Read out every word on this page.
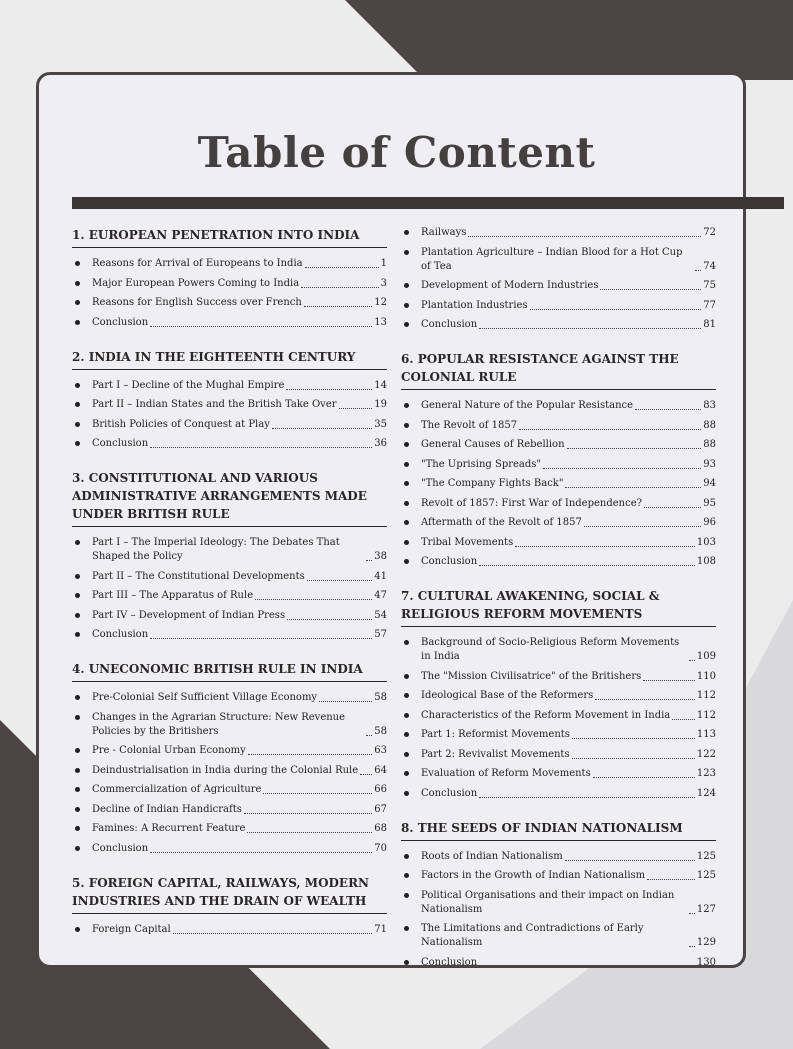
Table of Content
1. EUROPEAN PENETRATION INTO INDIA
Reasons for Arrival of Europeans to India	1
Major European Powers Coming to India	3
Reasons for English Success over French	12
Conclusion	13
2. INDIA IN THE EIGHTEENTH CENTURY
Part I – Decline of the Mughal Empire	14
Part II – Indian States and the British Take Over	19
British Policies of Conquest at Play	35
Conclusion	36
3. CONSTITUTIONAL AND VARIOUS ADMINISTRATIVE ARRANGEMENTS MADE UNDER BRITISH RULE
Part I – The Imperial Ideology: The Debates That Shaped the Policy	38
Part II – The Constitutional Developments	41
Part III – The Apparatus of Rule	47
Part IV – Development of Indian Press	54
Conclusion	57
4. UNECONOMIC BRITISH RULE IN INDIA
Pre-Colonial Self Sufficient Village Economy	58
Changes in the Agrarian Structure: New Revenue Policies by the Britishers	58
Pre - Colonial Urban Economy	63
Deindustrialisation in India during the Colonial Rule 64
Commercialization of Agriculture	66
Decline of Indian Handicrafts	67
Famines: A Recurrent Feature	68
Conclusion	70
5. FOREIGN CAPITAL, RAILWAYS, MODERN INDUSTRIES AND THE DRAIN OF WEALTH
Foreign Capital	71
Railways	72
Plantation Agriculture – Indian Blood for a Hot Cup of Tea	74
Development of Modern Industries	75
Plantation Industries	77
Conclusion	81
6. POPULAR RESISTANCE AGAINST THE COLONIAL RULE
General Nature of the Popular Resistance	83
The Revolt of 1857	88
General Causes of Rebellion	88
"The Uprising Spreads"	93
"The Company Fights Back"	94
Revolt of 1857: First War of Independence?	95
Aftermath of the Revolt of 1857	96
Tribal Movements	103
Conclusion	108
7. CULTURAL AWAKENING, SOCIAL & RELIGIOUS REFORM MOVEMENTS
Background of Socio-Religious Reform Movements in India	109
The "Mission Civilisatrice" of the Britishers	110
Ideological Base of the Reformers	112
Characteristics of the Reform Movement in India	112
Part 1: Reformist Movements	113
Part 2: Revivalist Movements	122
Evaluation of Reform Movements	123
Conclusion	124
8. THE SEEDS OF INDIAN NATIONALISM
Roots of Indian Nationalism	125
Factors in the Growth of Indian Nationalism	125
Political Organisations and their impact on Indian Nationalism	127
The Limitations and Contradictions of Early Nationalism	129
Conclusion	130
